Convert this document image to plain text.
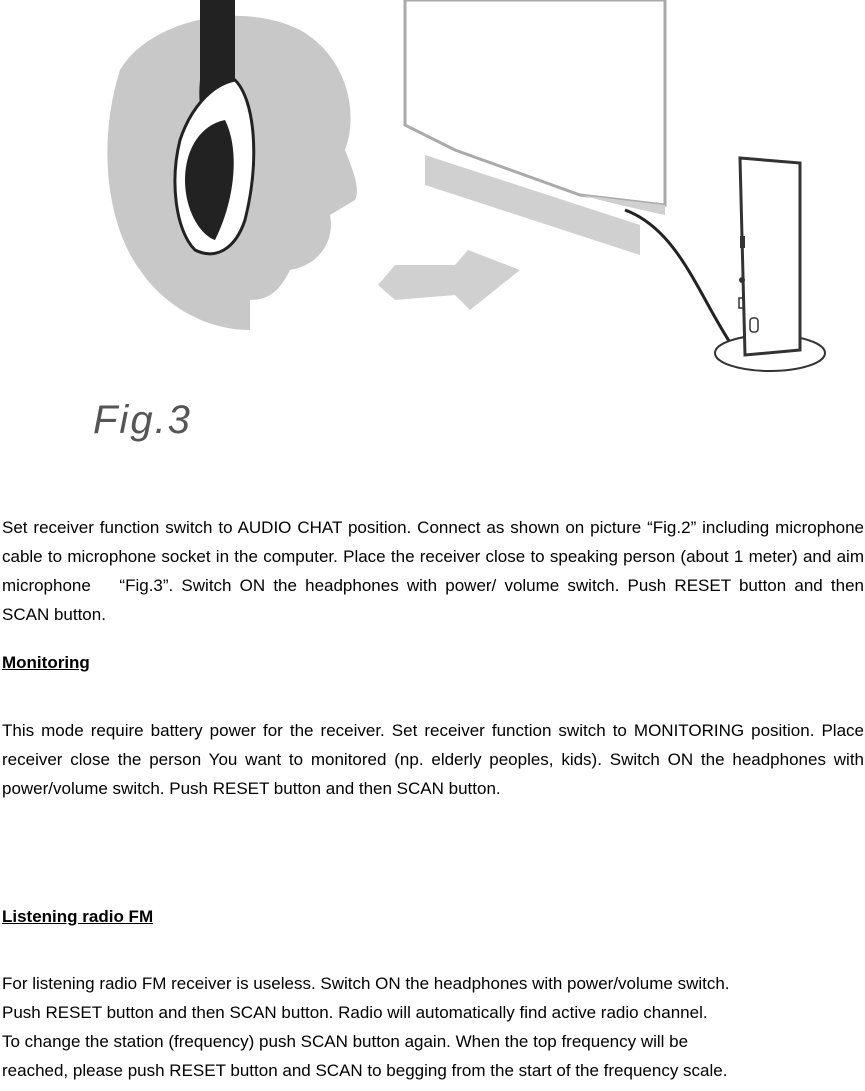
Fig.3
Set receiver function switch to AUDIO CHAT position. Connect as shown on picture “Fig.2” including microphone cable to microphone socket in the computer. Place the receiver close to speaking person (about 1 meter) and aim microphone 　“Fig.3”. Switch ON the headphones with power/ volume switch. Push RESET button and then SCAN button.
Monitoring
This mode require battery power for the receiver. Set receiver function switch to MONITORING position. Place receiver close the person You want to monitored (np. elderly peoples, kids). Switch ON the headphones with power/volume switch. Push RESET button and then SCAN button.
Listening radio FM
For listening radio FM receiver is useless. Switch ON the headphones with power/volume switch.
Push RESET button and then SCAN button. Radio will automatically find active radio channel.
To change the station (frequency) push SCAN button again. When the top frequency will be
reached, please push RESET button and SCAN to begging from the start of the frequency scale.
